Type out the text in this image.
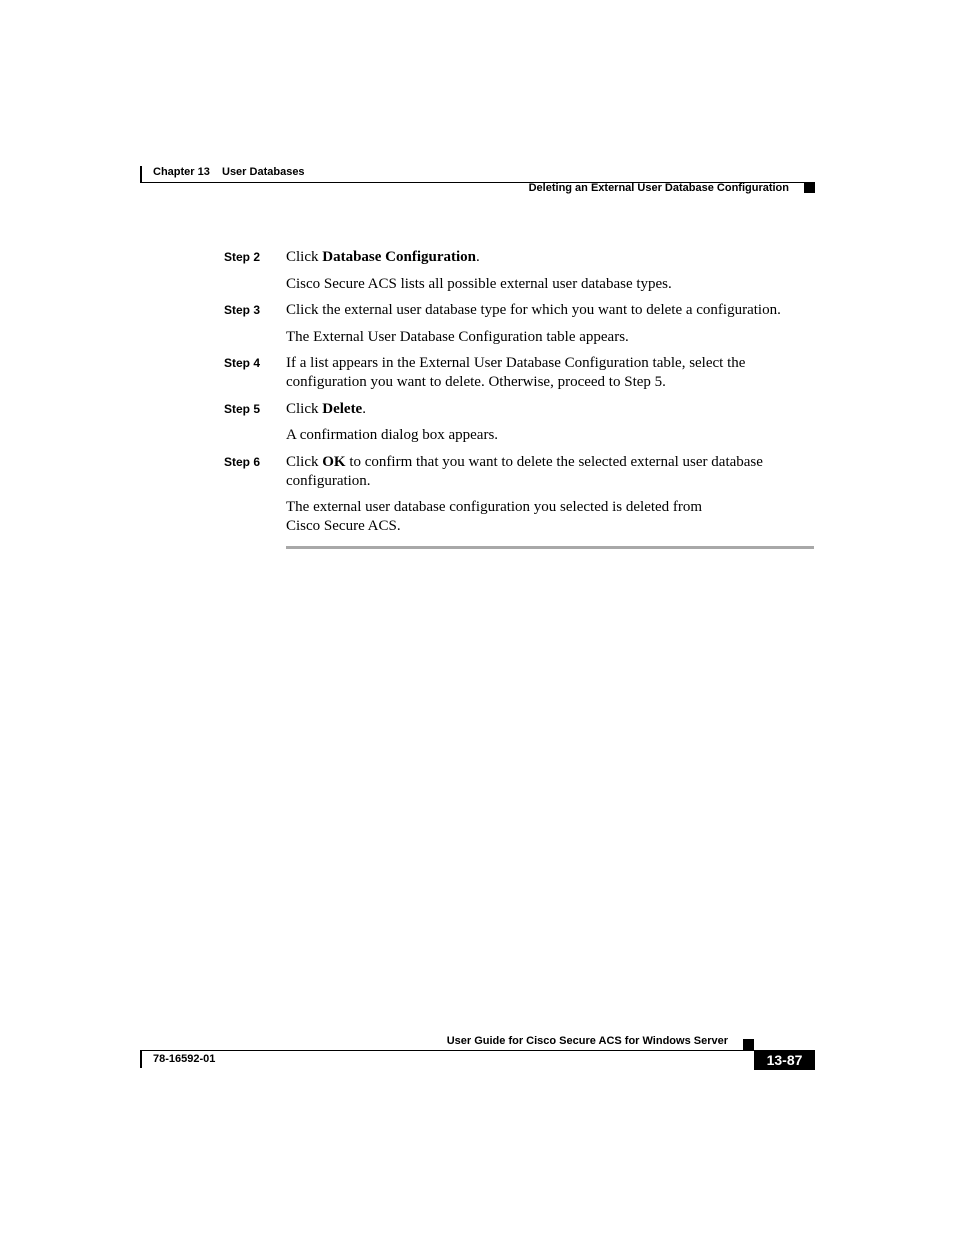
Chapter 13 User Databases
Deleting an External User Database Configuration
Step 2 Click Database Configuration.
Cisco Secure ACS lists all possible external user database types.
Step 3 Click the external user database type for which you want to delete a configuration.
The External User Database Configuration table appears.
Step 4 If a list appears in the External User Database Configuration table, select the configuration you want to delete. Otherwise, proceed to Step 5.
Step 5 Click Delete.
A confirmation dialog box appears.
Step 6 Click OK to confirm that you want to delete the selected external user database configuration.
The external user database configuration you selected is deleted from
Cisco Secure ACS.
User Guide for Cisco Secure ACS for Windows Server
78-16592-01	13-87
